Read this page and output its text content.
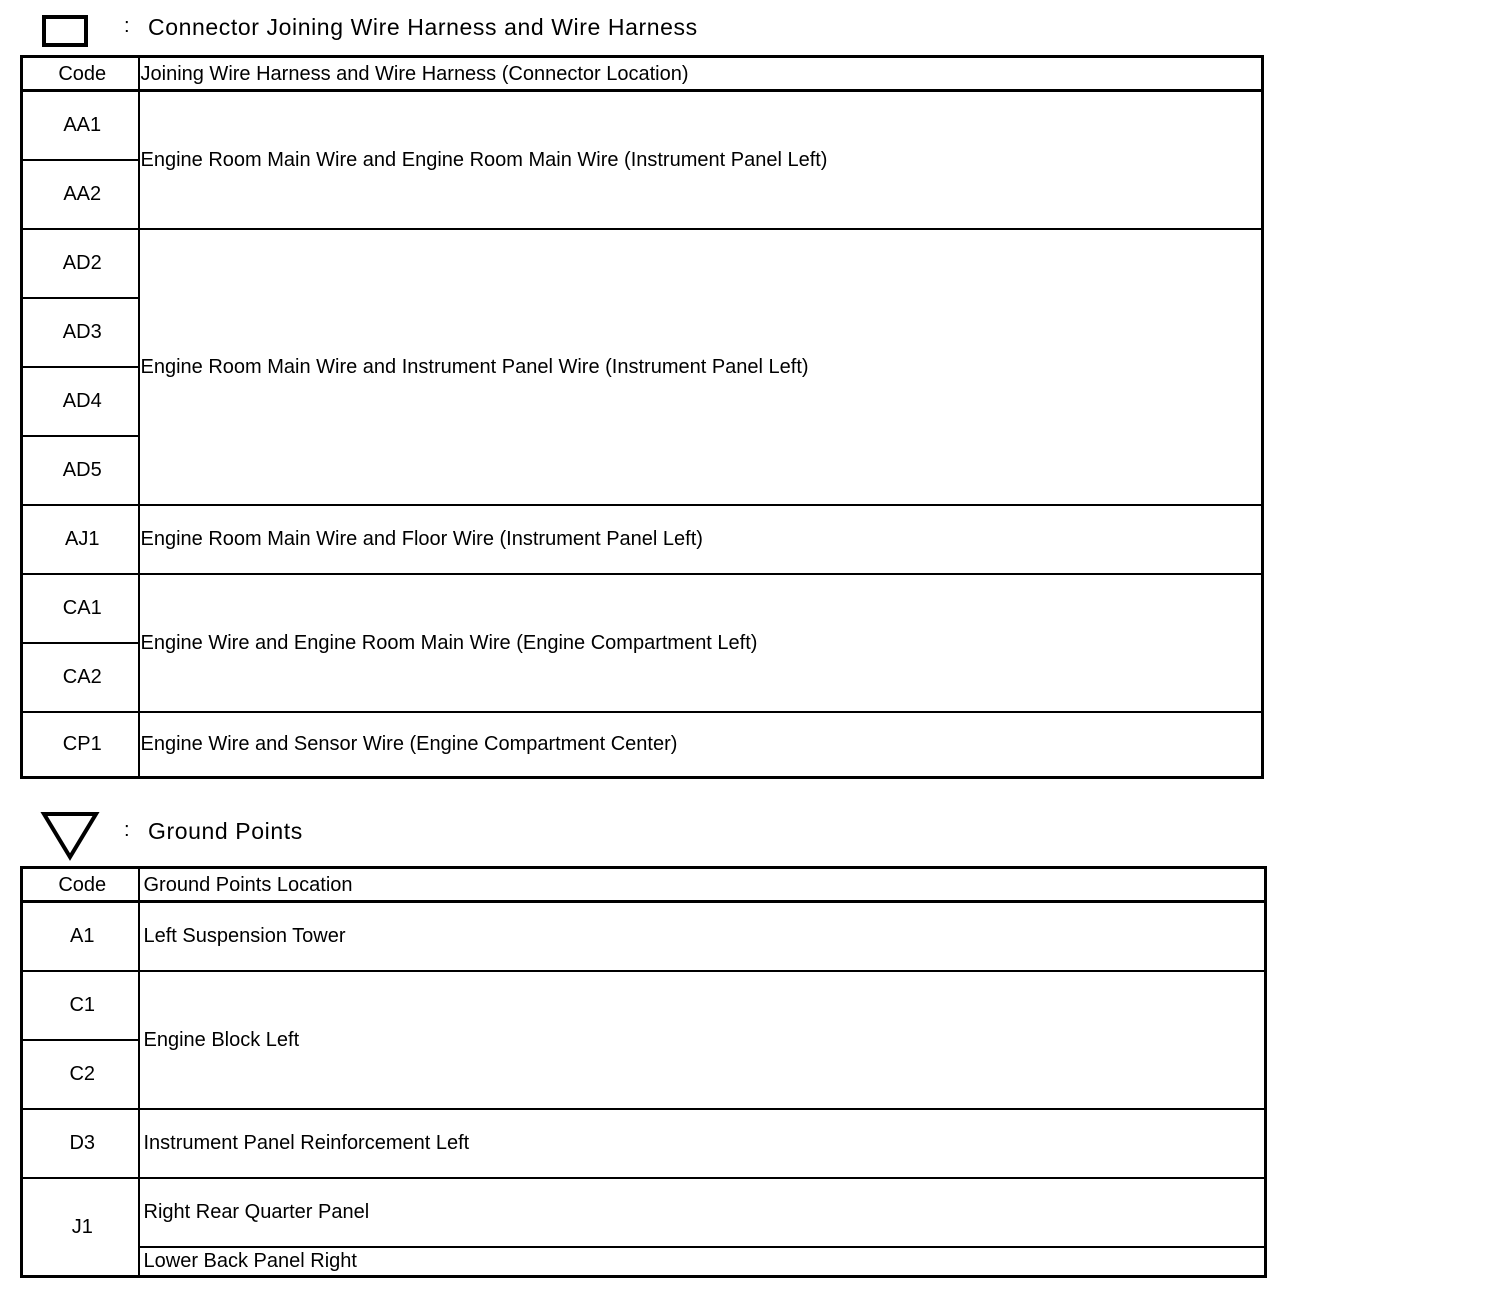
: Connector Joining Wire Harness and Wire Harness
Code	Joining Wire Harness and Wire Harness (Connector Location)
AA1	Engine Room Main Wire and Engine Room Main Wire (Instrument Panel Left)
AA2	
AD2	Engine Room Main Wire and Instrument Panel Wire (Instrument Panel Left)
AD3	
AD4	
AD5	
AJ1	Engine Room Main Wire and Floor Wire (Instrument Panel Left)
CA1	Engine Wire and Engine Room Main Wire (Engine Compartment Left)
CA2	
CP1	Engine Wire and Sensor Wire (Engine Compartment Center)
: Ground Points
Code	Ground Points Location
A1	Left Suspension Tower
C1	Engine Block Left
C2	
D3	Instrument Panel Reinforcement Left
J1	Right Rear Quarter Panel
	Lower Back Panel Right
